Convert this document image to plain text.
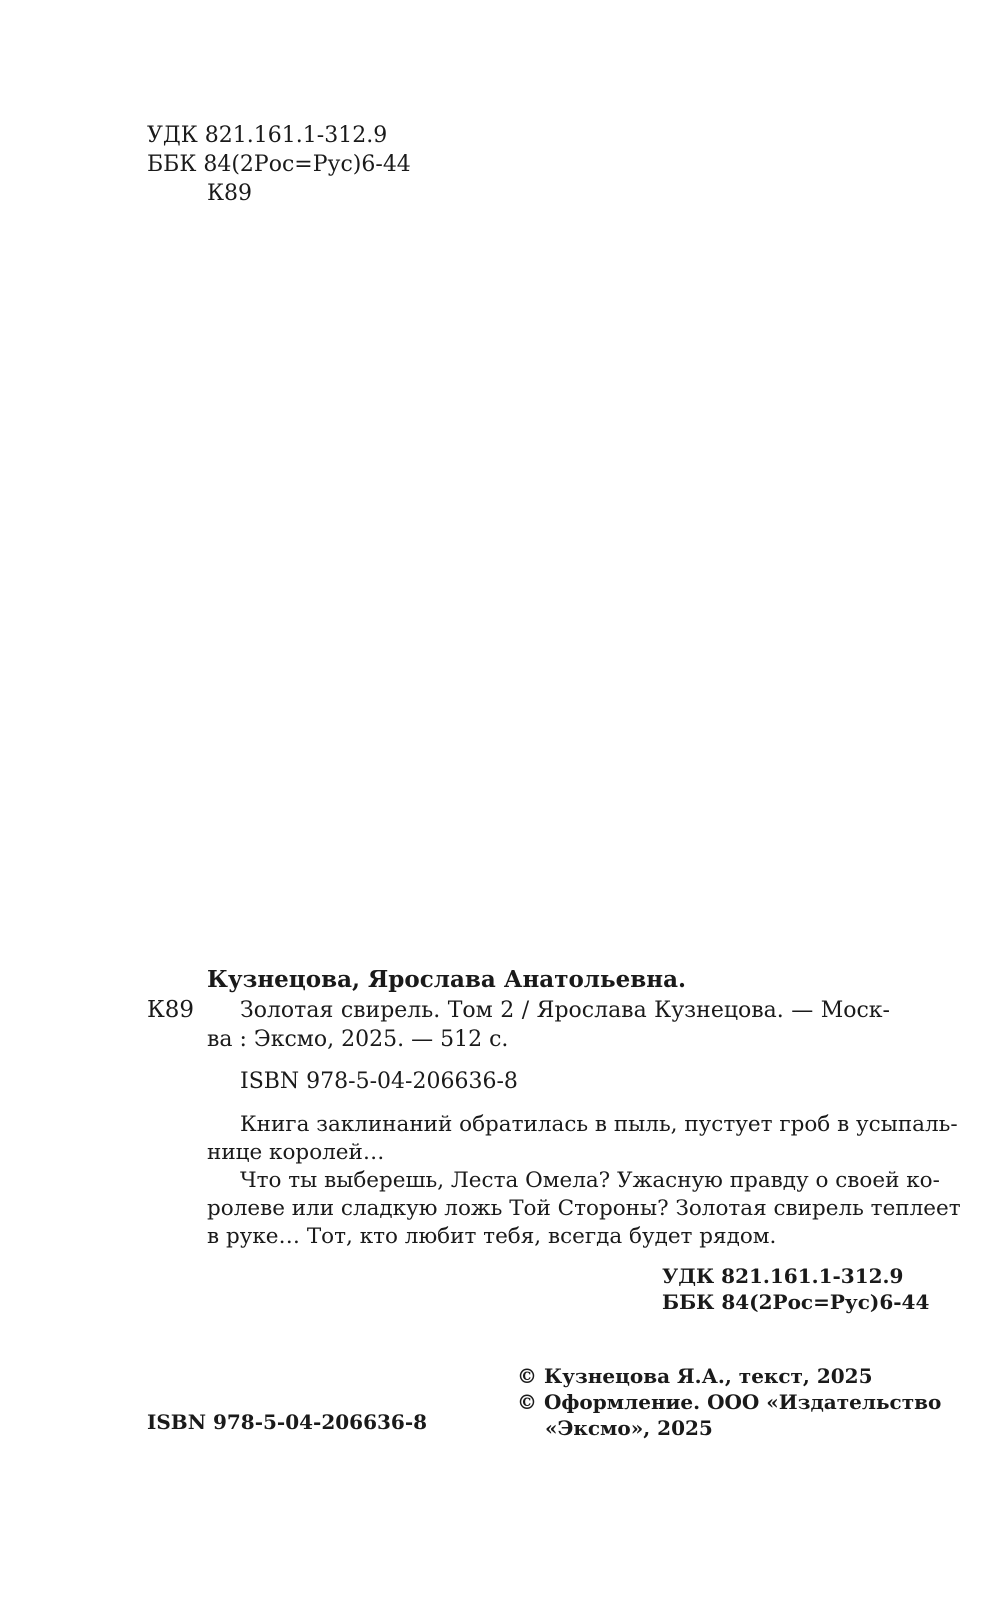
УДК 821.161.1-312.9
ББК 84(2Рос=Рус)6-44
К89
Кузнецова, Ярослава Анатольевна.
К89 Золотая свирель. Том 2 / Ярослава Кузнецова. — Моск-
ва : Эксмо, 2025. — 512 с.
ISBN 978-5-04-206636-8
Книга заклинаний обратилась в пыль, пустует гроб в усыпаль-
нице королей…
Что ты выберешь, Леста Омела? Ужасную правду о своей ко-
ролеве или сладкую ложь Той Стороны? Золотая свирель теплеет
в руке… Тот, кто любит тебя, всегда будет рядом.
УДК 821.161.1-312.9
ББК 84(2Рос=Рус)6-44
ISBN 978-5-04-206636-8
© Кузнецова Я.А., текст, 2025
© Оформление. ООО «Издательство
«Эксмо», 2025
